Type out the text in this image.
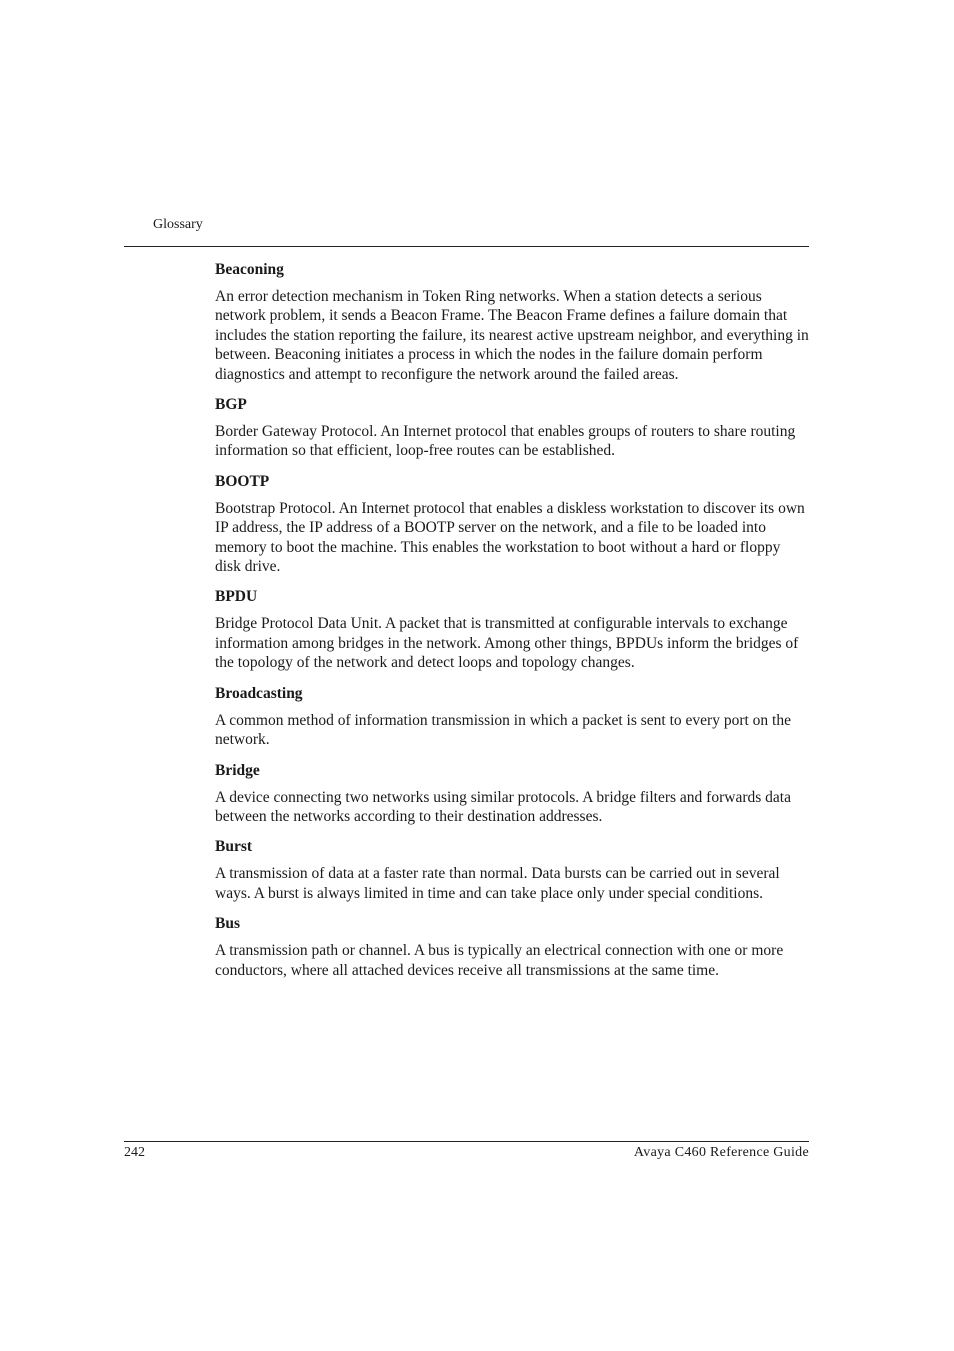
Glossary
Beaconing
An error detection mechanism in Token Ring networks. When a station detects a serious network problem, it sends a Beacon Frame. The Beacon Frame defines a failure domain that includes the station reporting the failure, its nearest active upstream neighbor, and everything in between. Beaconing initiates a process in which the nodes in the failure domain perform diagnostics and attempt to reconfigure the network around the failed areas.
BGP
Border Gateway Protocol. An Internet protocol that enables groups of routers to share routing information so that efficient, loop-free routes can be established.
BOOTP
Bootstrap Protocol. An Internet protocol that enables a diskless workstation to discover its own IP address, the IP address of a BOOTP server on the network, and a file to be loaded into memory to boot the machine. This enables the workstation to boot without a hard or floppy disk drive.
BPDU
Bridge Protocol Data Unit. A packet that is transmitted at configurable intervals to exchange information among bridges in the network. Among other things, BPDUs inform the bridges of the topology of the network and detect loops and topology changes.
Broadcasting
A common method of information transmission in which a packet is sent to every port on the network.
Bridge
A device connecting two networks using similar protocols. A bridge filters and forwards data between the networks according to their destination addresses.
Burst
A transmission of data at a faster rate than normal. Data bursts can be carried out in several ways. A burst is always limited in time and can take place only under special conditions.
Bus
A transmission path or channel. A bus is typically an electrical connection with one or more conductors, where all attached devices receive all transmissions at the same time.
242	Avaya C460 Reference Guide
